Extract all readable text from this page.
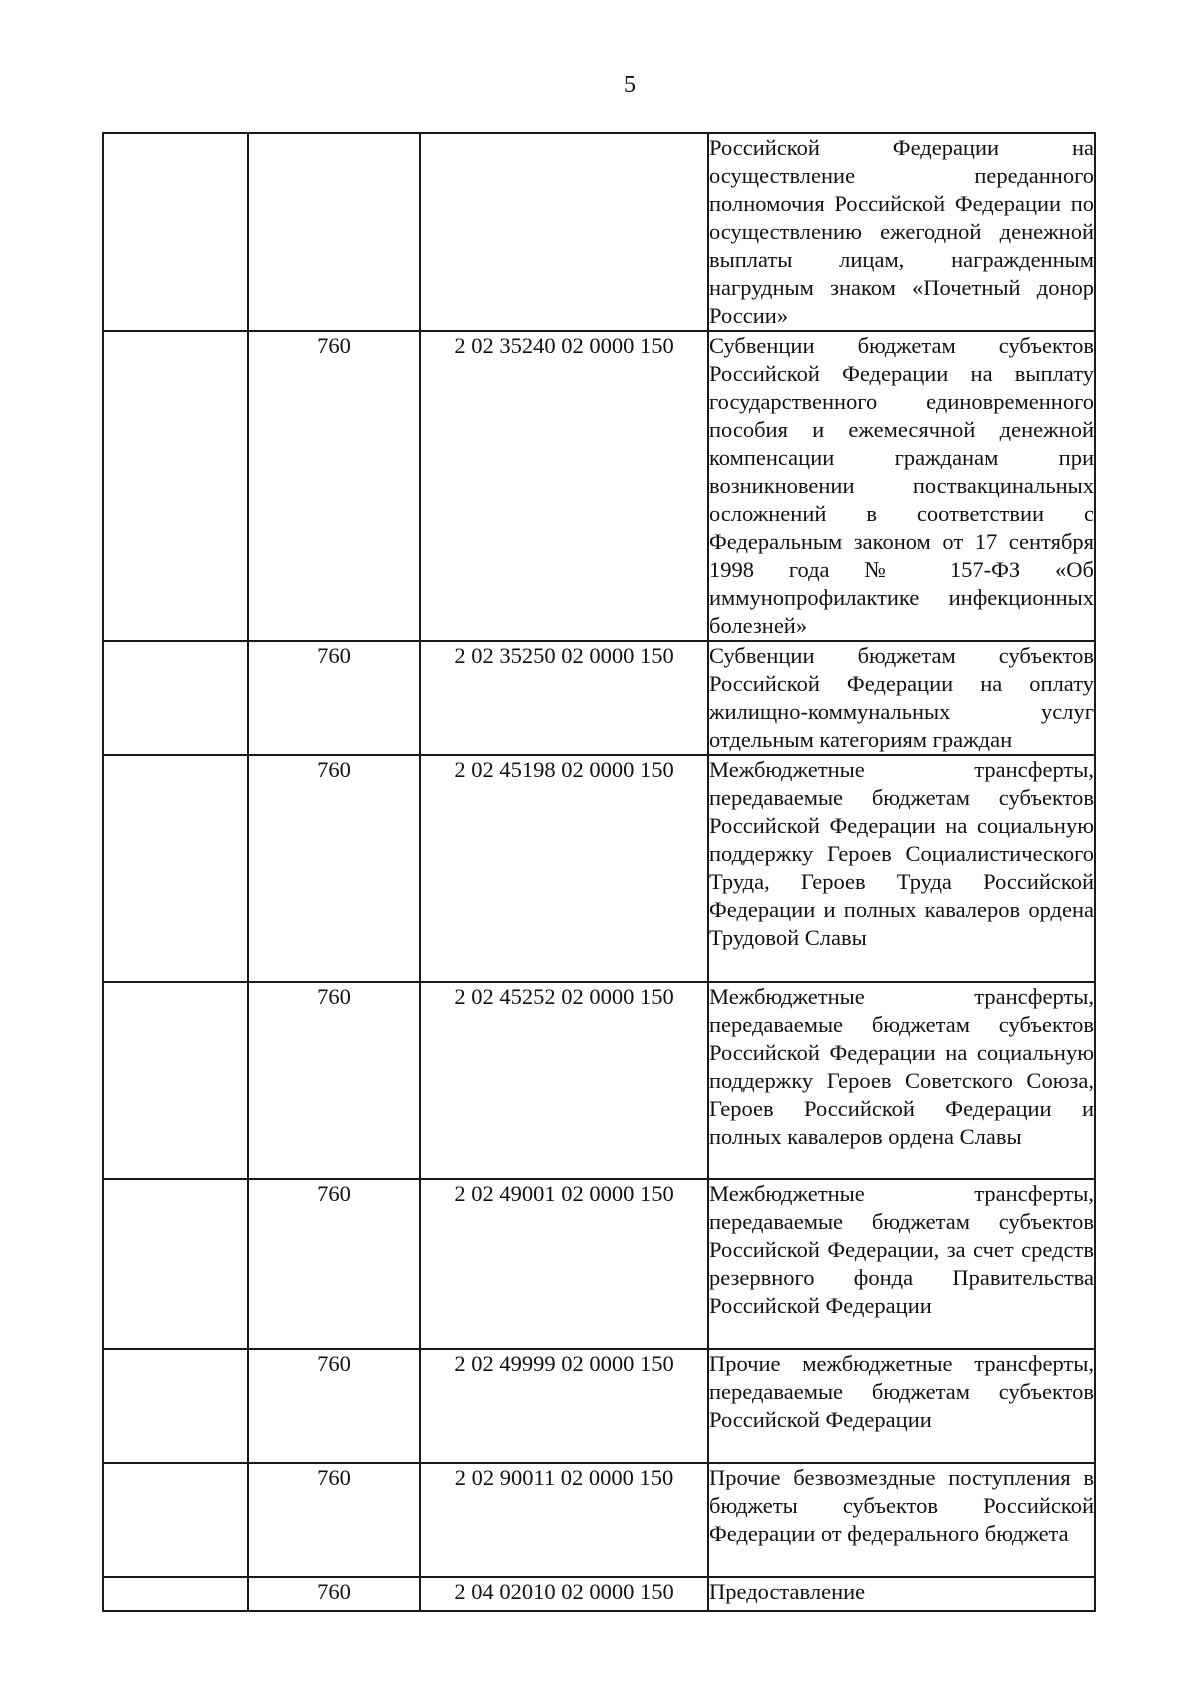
5

			Российской Федерации на осуществление переданного полномочия Российской Федерации по осуществлению ежегодной денежной выплаты лицам, награжденным нагрудным знаком «Почетный донор России»

	760	2 02 35240 02 0000 150	Субвенции бюджетам субъектов Российской Федерации на выплату государственного единовременного пособия и ежемесячной денежной компенсации гражданам при возникновении поствакцинальных осложнений в соответствии с Федеральным законом от 17 сентября 1998 года № 157-ФЗ «Об иммунопрофилактике инфекционных болезней»

	760	2 02 35250 02 0000 150	Субвенции бюджетам субъектов Российской Федерации на оплату жилищно-коммунальных услуг отдельным категориям граждан

	760	2 02 45198 02 0000 150	Межбюджетные трансферты, передаваемые бюджетам субъектов Российской Федерации на социальную поддержку Героев Социалистического Труда, Героев Труда Российской Федерации и полных кавалеров ордена Трудовой Славы

	760	2 02 45252 02 0000 150	Межбюджетные трансферты, передаваемые бюджетам субъектов Российской Федерации на социальную поддержку Героев Советского Союза, Героев Российской Федерации и полных кавалеров ордена Славы

	760	2 02 49001 02 0000 150	Межбюджетные трансферты, передаваемые бюджетам субъектов Российской Федерации, за счет средств резервного фонда Правительства Российской Федерации

	760	2 02 49999 02 0000 150	Прочие межбюджетные трансферты, передаваемые бюджетам субъектов Российской Федерации

	760	2 02 90011 02 0000 150	Прочие безвозмездные поступления в бюджеты субъектов Российской Федерации от федерального бюджета

	760	2 04 02010 02 0000 150	Предоставление
